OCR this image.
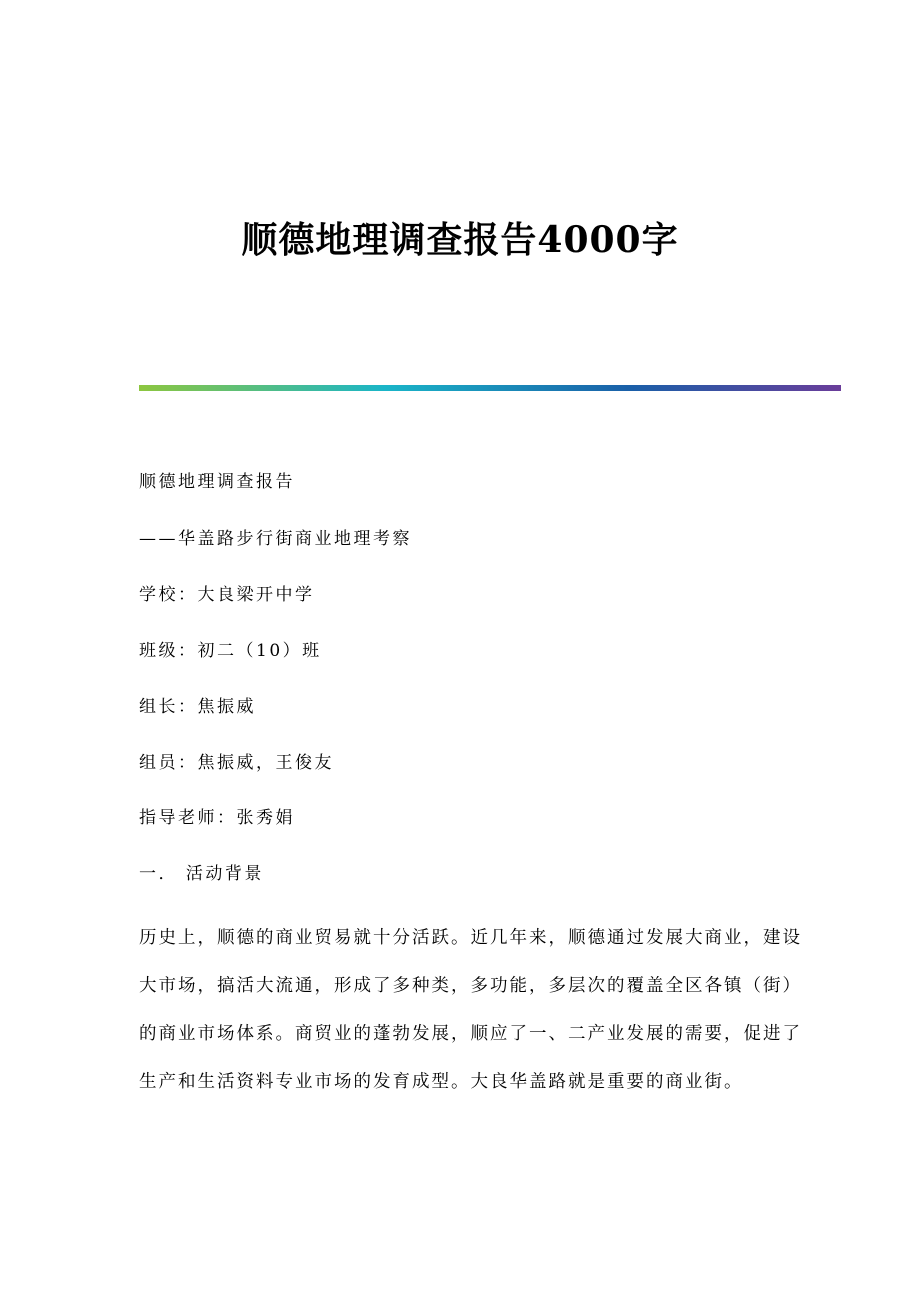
顺德地理调查报告4000字
顺德地理调查报告
——华盖路步行街商业地理考察
学校：大良梁开中学
班级：初二（10）班
组长：焦振威
组员：焦振威，王俊友
指导老师：张秀娟
一． 活动背景
历史上，顺德的商业贸易就十分活跃。近几年来，顺德通过发展大商业，建设
大市场，搞活大流通，形成了多种类，多功能，多层次的覆盖全区各镇（街）
的商业市场体系。商贸业的蓬勃发展，顺应了一、二产业发展的需要，促进了
生产和生活资料专业市场的发育成型。大良华盖路就是重要的商业街。
